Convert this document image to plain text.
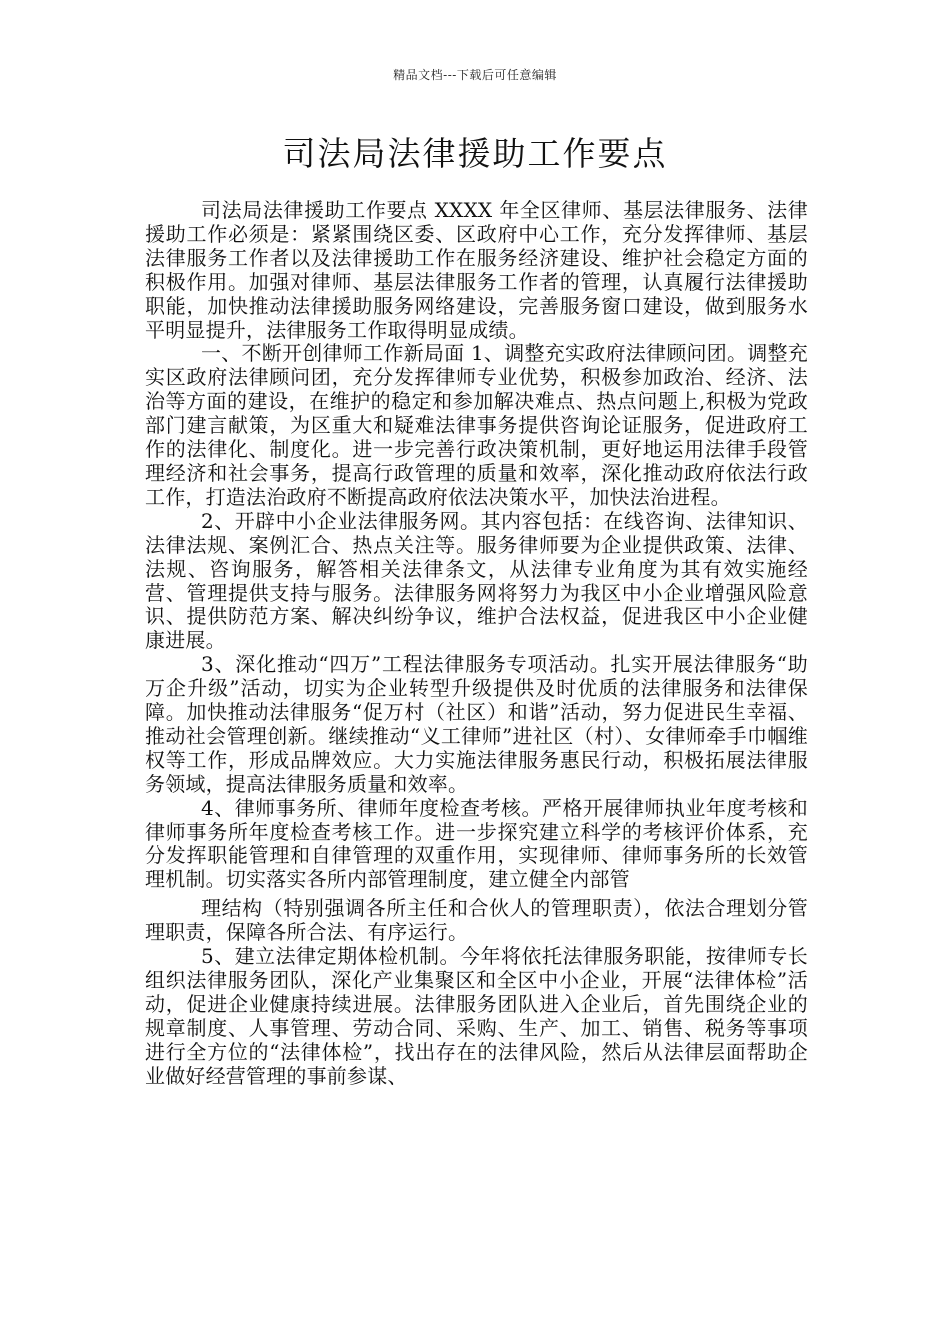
精品文档---下载后可任意编辑
司法局法律援助工作要点

司法局法律援助工作要点 XXXX 年全区律师、基层法律服务、法律援助工作必须是：紧紧围绕区委、区政府中心工作，充分发挥律师、基层法律服务工作者以及法律援助工作在服务经济建设、维护社会稳定方面的积极作用。加强对律师、基层法律服务工作者的管理，认真履行法律援助职能，加快推动法律援助服务网络建设，完善服务窗口建设，做到服务水平明显提升，法律服务工作取得明显成绩。

一、不断开创律师工作新局面 1、调整充实政府法律顾问团。调整充实区政府法律顾问团，充分发挥律师专业优势，积极参加政治、经济、法治等方面的建设，在维护的稳定和参加解决难点、热点问题上,积极为党政部门建言献策，为区重大和疑难法律事务提供咨询论证服务，促进政府工作的法律化、制度化。进一步完善行政决策机制，更好地运用法律手段管理经济和社会事务，提高行政管理的质量和效率，深化推动政府依法行政工作，打造法治政府不断提高政府依法决策水平，加快法治进程。

2、开辟中小企业法律服务网。其内容包括：在线咨询、法律知识、法律法规、案例汇合、热点关注等。服务律师要为企业提供政策、法律、法规、咨询服务，解答相关法律条文，从法律专业角度为其有效实施经营、管理提供支持与服务。法律服务网将努力为我区中小企业增强风险意识、提供防范方案、解决纠纷争议，维护合法权益，促进我区中小企业健康进展。

3、深化推动“四万”工程法律服务专项活动。扎实开展法律服务“助万企升级”活动，切实为企业转型升级提供及时优质的法律服务和法律保障。加快推动法律服务“促万村（社区）和谐”活动，努力促进民生幸福、推动社会管理创新。继续推动“义工律师”进社区（村）、女律师牵手巾帼维权等工作，形成品牌效应。大力实施法律服务惠民行动，积极拓展法律服务领域，提高法律服务质量和效率。

4、律师事务所、律师年度检查考核。严格开展律师执业年度考核和律师事务所年度检查考核工作。进一步探究建立科学的考核评价体系，充分发挥职能管理和自律管理的双重作用，实现律师、律师事务所的长效管理机制。切实落实各所内部管理制度，建立健全内部管

理结构（特别强调各所主任和合伙人的管理职责），依法合理划分管理职责，保障各所合法、有序运行。

5、建立法律定期体检机制。今年将依托法律服务职能，按律师专长组织法律服务团队，深化产业集聚区和全区中小企业，开展“法律体检”活动，促进企业健康持续进展。法律服务团队进入企业后，首先围绕企业的规章制度、人事管理、劳动合同、采购、生产、加工、销售、税务等事项进行全方位的“法律体检”，找出存在的法律风险，然后从法律层面帮助企业做好经营管理的事前参谋、
